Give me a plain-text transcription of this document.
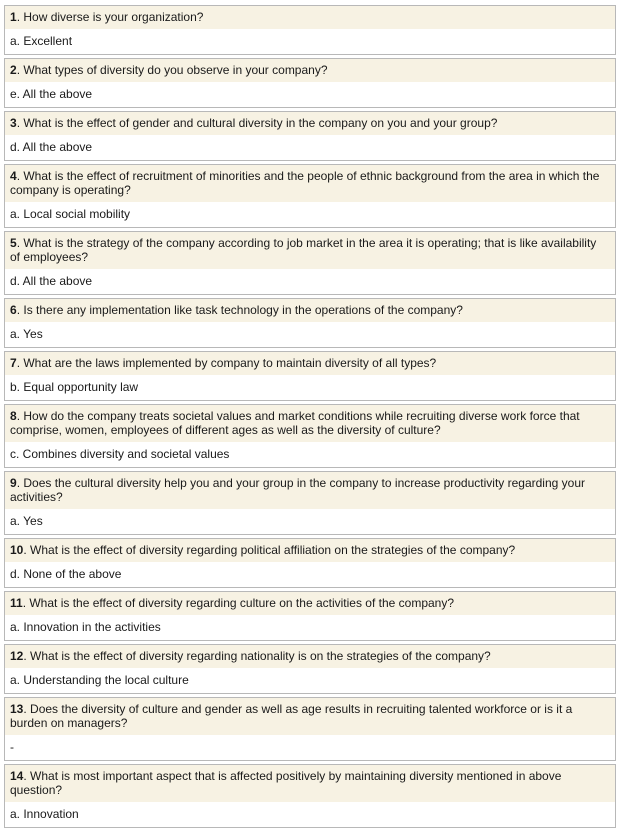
1. How diverse is your organization?
a. Excellent
2. What types of diversity do you observe in your company?
e. All the above
3. What is the effect of gender and cultural diversity in the company on you and your group?
d. All the above
4. What is the effect of recruitment of minorities and the people of ethnic background from the area in which the company is operating?
a. Local social mobility
5. What is the strategy of the company according to job market in the area it is operating; that is like availability of employees?
d. All the above
6. Is there any implementation like task technology in the operations of the company?
a. Yes
7. What are the laws implemented by company to maintain diversity of all types?
b. Equal opportunity law
8. How do the company treats societal values and market conditions while recruiting diverse work force that comprise, women, employees of different ages as well as the diversity of culture?
c. Combines diversity and societal values
9. Does the cultural diversity help you and your group in the company to increase productivity regarding your activities?
a. Yes
10. What is the effect of diversity regarding political affiliation on the strategies of the company?
d. None of the above
11. What is the effect of diversity regarding culture on the activities of the company?
a. Innovation in the activities
12. What is the effect of diversity regarding nationality is on the strategies of the company?
a. Understanding the local culture
13. Does the diversity of culture and gender as well as age results in recruiting talented workforce or is it a burden on managers?
-
14. What is most important aspect that is affected positively by maintaining diversity mentioned in above question?
a. Innovation
